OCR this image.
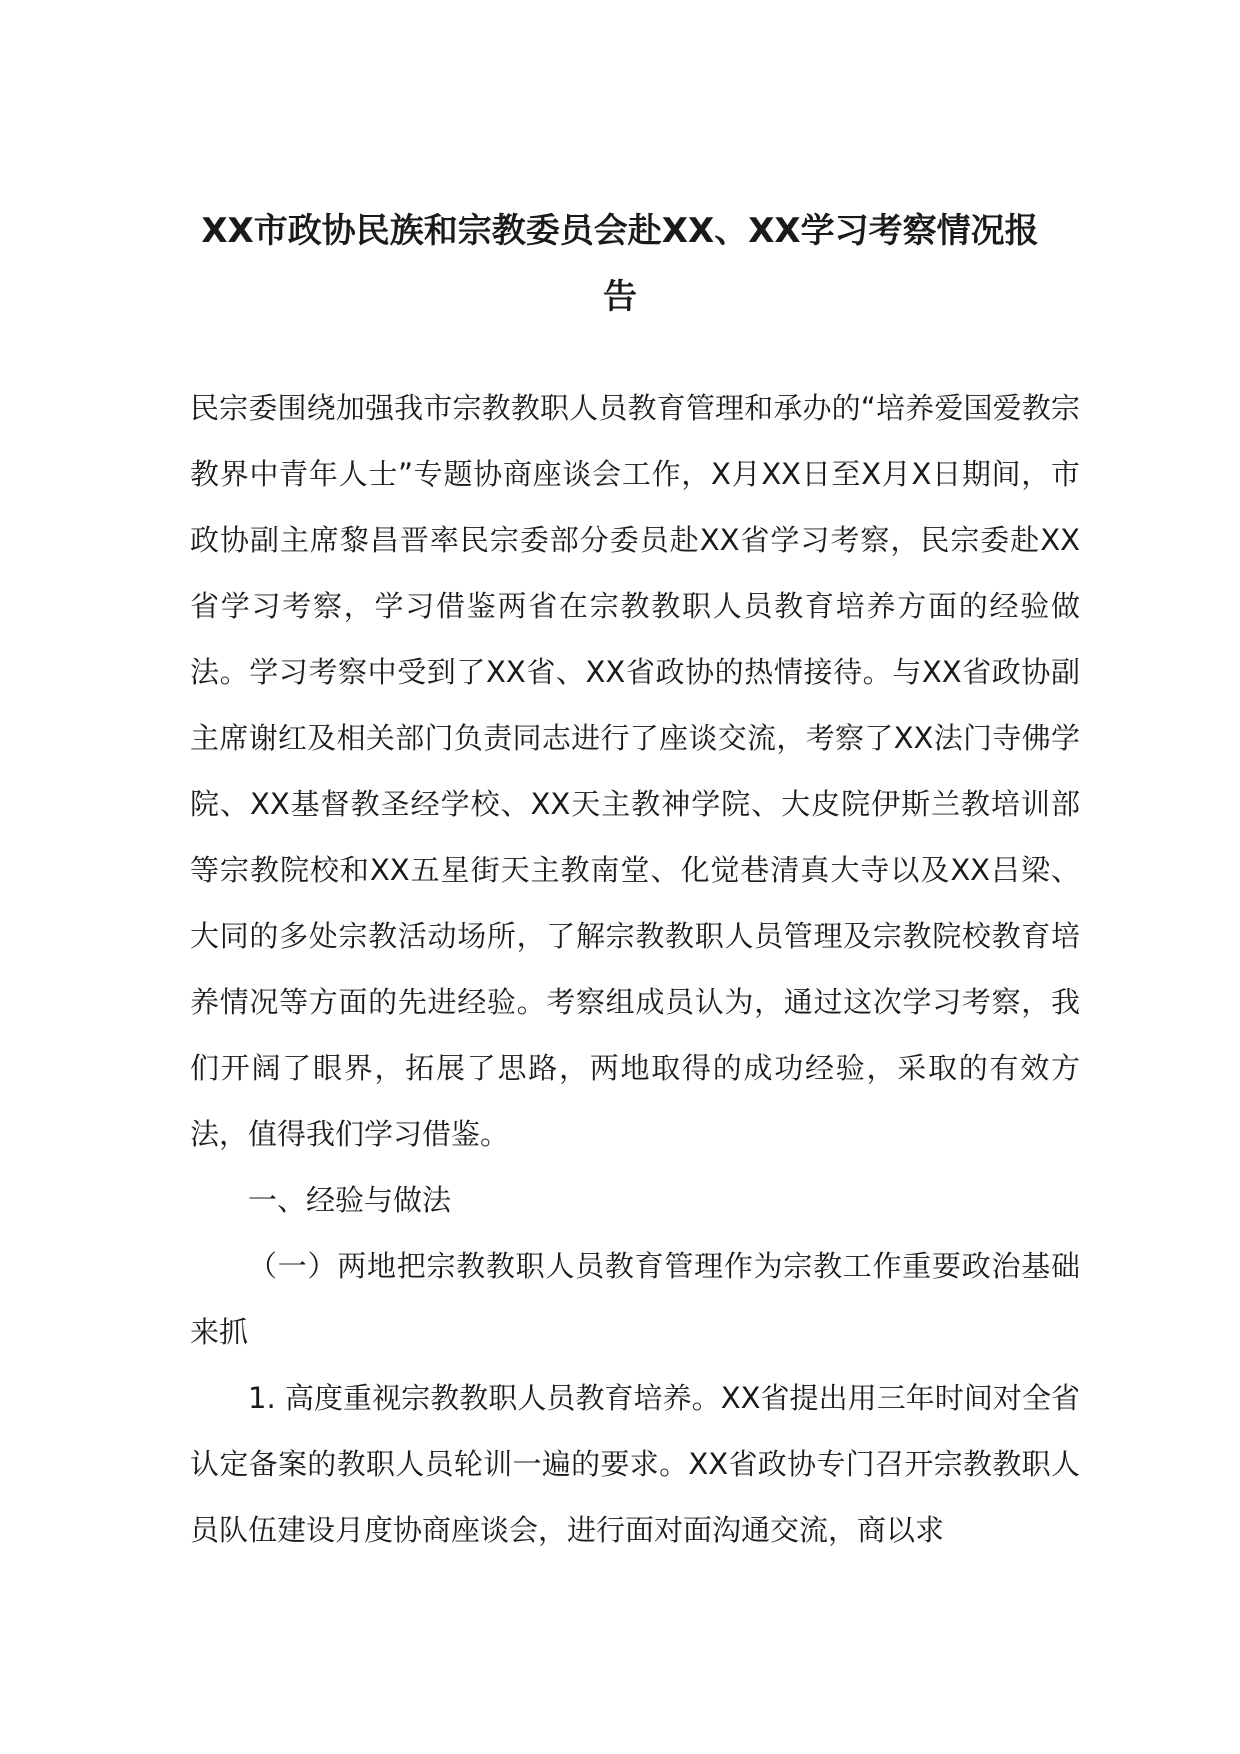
XX市政协民族和宗教委员会赴XX、XX学习考察情况报告

民宗委围绕加强我市宗教教职人员教育管理和承办的“培养爱国爱教宗教界中青年人士”专题协商座谈会工作，X月XX日至X月X日期间，市政协副主席黎昌晋率民宗委部分委员赴XX省学习考察，民宗委赴XX省学习考察，学习借鉴两省在宗教教职人员教育培养方面的经验做法。学习考察中受到了XX省、XX省政协的热情接待。与XX省政协副主席谢红及相关部门负责同志进行了座谈交流，考察了XX法门寺佛学院、XX基督教圣经学校、XX天主教神学院、大皮院伊斯兰教培训部等宗教院校和XX五星街天主教南堂、化觉巷清真大寺以及XX吕梁、大同的多处宗教活动场所，了解宗教教职人员管理及宗教院校教育培养情况等方面的先进经验。考察组成员认为，通过这次学习考察，我们开阔了眼界，拓展了思路，两地取得的成功经验，采取的有效方法，值得我们学习借鉴。

一、经验与做法

（一）两地把宗教教职人员教育管理作为宗教工作重要政治基础来抓

1. 高度重视宗教教职人员教育培养。XX省提出用三年时间对全省认定备案的教职人员轮训一遍的要求。XX省政协专门召开宗教教职人员队伍建设月度协商座谈会，进行面对面沟通交流，商以求
